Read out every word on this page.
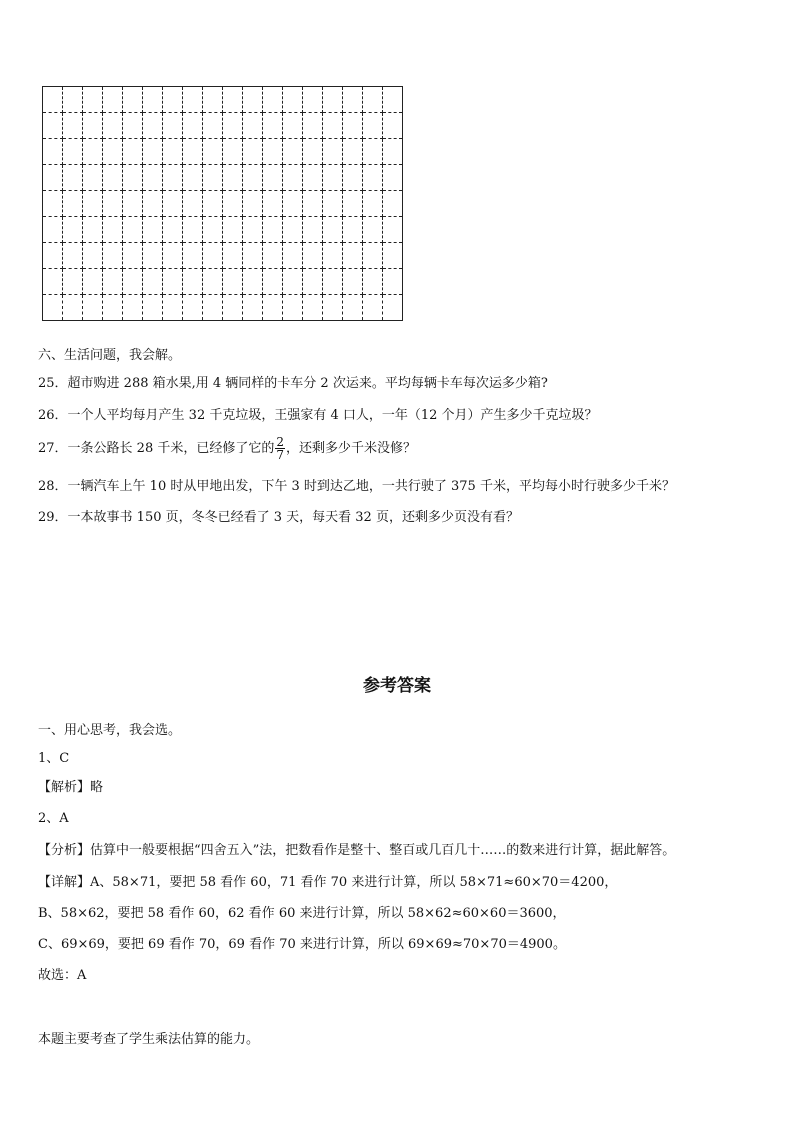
六、生活问题，我会解。
25．超市购进 288 箱水果,用 4 辆同样的卡车分 2 次运来。平均每辆卡车每次运多少箱?
26．一个人平均每月产生 32 千克垃圾，王强家有 4 口人，一年（12 个月）产生多少千克垃圾？
27．一条公路长 28 千米，已经修了它的 $\frac{2}{7}$ ，还剩多少千米没修？
28．一辆汽车上午 10 时从甲地出发，下午 3 时到达乙地，一共行驶了 375 千米，平均每小时行驶多少千米？
29．一本故事书 150 页，冬冬已经看了 3 天，每天看 32 页，还剩多少页没有看？
参考答案
一、用心思考，我会选。
1、C
【解析】略
2、A
【分析】估算中一般要根据“四舍五入”法，把数看作是整十、整百或几百几十……的数来进行计算，据此解答。
【详解】A、58×71，要把 58 看作 60，71 看作 70 来进行计算，所以 58×71≈60×70＝4200，
B、58×62，要把 58 看作 60，62 看作 60 来进行计算，所以 58×62≈60×60＝3600，
C、69×69，要把 69 看作 70，69 看作 70 来进行计算，所以 69×69≈70×70＝4900。
故选：A
本题主要考查了学生乘法估算的能力。
